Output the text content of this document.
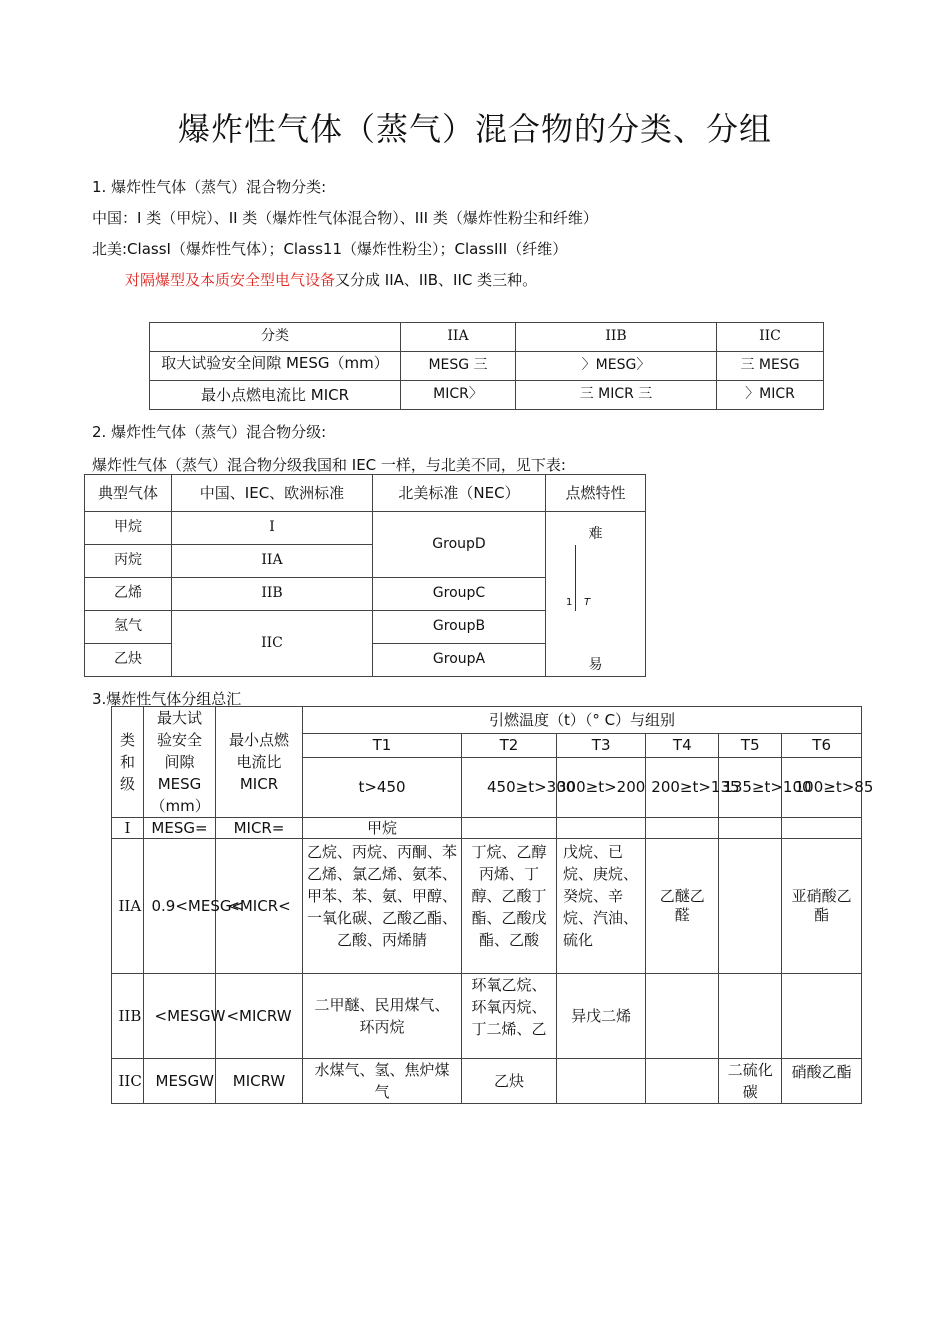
爆炸性气体（蒸气）混合物的分类、分组
1. 爆炸性气体（蒸气）混合物分类:
中国：I 类（甲烷）、II 类（爆炸性气体混合物）、III 类（爆炸性粉尘和纤维）
北美:ClassI（爆炸性气体）；Class11（爆炸性粉尘）；ClassIII（纤维）
对隔爆型及本质安全型电气设备又分成 IIA、IIB、IIC 类三种。
分类	IIA	IIB	IIC

取大试验安全间隙 MESG（mm）	MESG 三	〉MESG〉	三 MESG
最小点燃电流比 MICR	MICR〉	三 MICR 三	〉MICR
2. 爆炸性气体（蒸气）混合物分级:
爆炸性气体（蒸气）混合物分级我国和 IEC 一样，与北美不同，见下表:
典型气体	中国、IEC、欧洲标准	北美标准（NEC）	点燃特性
甲烷	I	GroupD	难
1 T
易

丙烷	IIA		
乙烯	IIB	GroupC	
氢气	IIC	GroupB	
乙炔		GroupA	
3.爆炸性气体分组总汇
类和级	最大试验安全间隙 MESG（mm）	最小点燃电流比 MICR	引燃温度（t）（° C）与组别					
			T1	T2	T3	T4	T5	T6
			t>450	450≥t>300	300≥t>200	200≥t>135	135≥t>100	100≥t>85

I	MESG=	MICR=	甲烷					

IIA	0.9<MESG<	<MICR<	乙烷、丙烷、丙酮、苯乙烯、氯乙烯、氨苯、甲苯、苯、氨、甲醇、一氧化碳、乙酸乙酯、乙酸、丙烯腈	丁烷、乙醇丙烯、丁醇、乙酸丁酯、乙酸戊酯、乙酸	戊烷、已烷、庚烷、癸烷、辛烷、汽油、硫化	乙醚乙醛		亚硝酸乙酯

IIB	<MESGW	<MICRW	二甲醚、民用煤气、环丙烷	环氧乙烷、环氧丙烷、丁二烯、乙	异戊二烯			

IIC	MESGW	MICRW	水煤气、氢、焦炉煤气	乙炔			二硫化碳	硝酸乙酯
